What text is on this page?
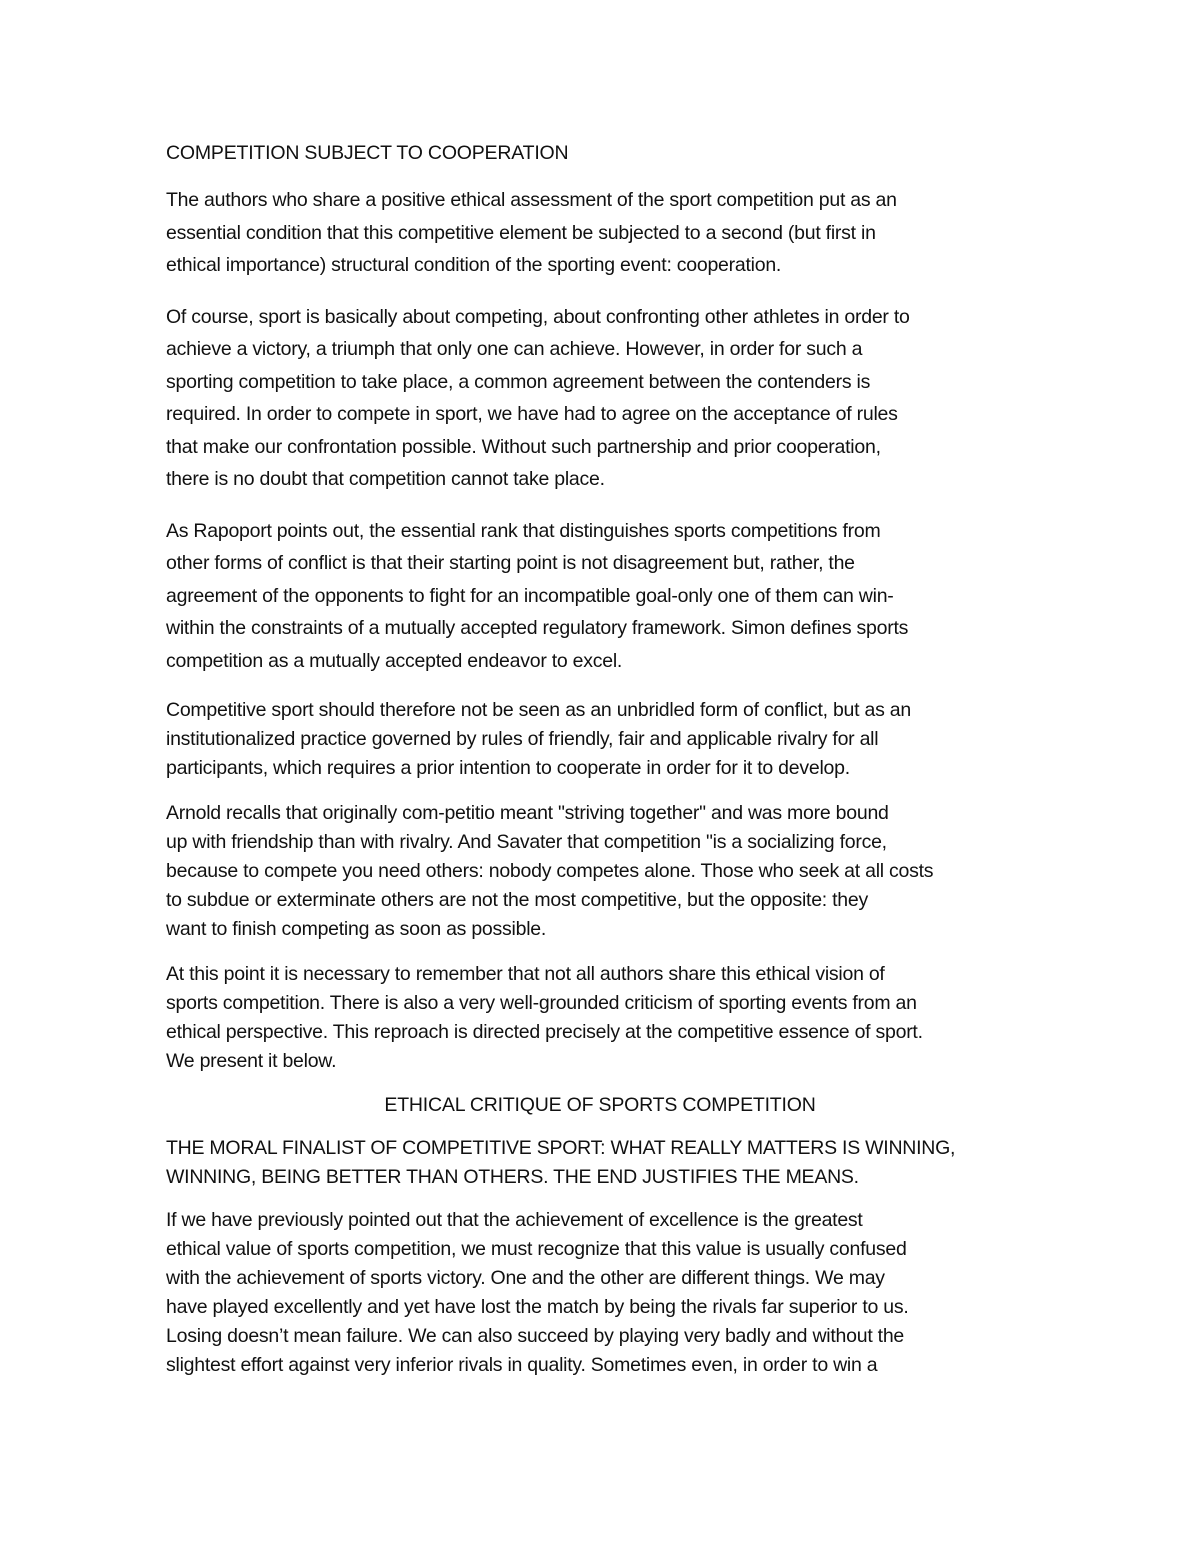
COMPETITION SUBJECT TO COOPERATION
The authors who share a positive ethical assessment of the sport competition put as an
essential condition that this competitive element be subjected to a second (but first in
ethical importance) structural condition of the sporting event: cooperation.
Of course, sport is basically about competing, about confronting other athletes in order to
achieve a victory, a triumph that only one can achieve. However, in order for such a
sporting competition to take place, a common agreement between the contenders is
required. In order to compete in sport, we have had to agree on the acceptance of rules
that make our confrontation possible. Without such partnership and prior cooperation,
there is no doubt that competition cannot take place.
As Rapoport points out, the essential rank that distinguishes sports competitions from
other forms of conflict is that their starting point is not disagreement but, rather, the
agreement of the opponents to fight for an incompatible goal-only one of them can win-
within the constraints of a mutually accepted regulatory framework. Simon defines sports
competition as a mutually accepted endeavor to excel.
Competitive sport should therefore not be seen as an unbridled form of conflict, but as an
institutionalized practice governed by rules of friendly, fair and applicable rivalry for all
participants, which requires a prior intention to cooperate in order for it to develop.
Arnold recalls that originally com-petitio meant "striving together" and was more bound
up with friendship than with rivalry. And Savater that competition "is a socializing force,
because to compete you need others: nobody competes alone. Those who seek at all costs
to subdue or exterminate others are not the most competitive, but the opposite: they
want to finish competing as soon as possible.
At this point it is necessary to remember that not all authors share this ethical vision of
sports competition. There is also a very well-grounded criticism of sporting events from an
ethical perspective. This reproach is directed precisely at the competitive essence of sport.
We present it below.
ETHICAL CRITIQUE OF SPORTS COMPETITION
THE MORAL FINALIST OF COMPETITIVE SPORT: WHAT REALLY MATTERS IS WINNING,
WINNING, BEING BETTER THAN OTHERS. THE END JUSTIFIES THE MEANS.
If we have previously pointed out that the achievement of excellence is the greatest
ethical value of sports competition, we must recognize that this value is usually confused
with the achievement of sports victory. One and the other are different things. We may
have played excellently and yet have lost the match by being the rivals far superior to us.
Losing doesn’t mean failure. We can also succeed by playing very badly and without the
slightest effort against very inferior rivals in quality. Sometimes even, in order to win a
